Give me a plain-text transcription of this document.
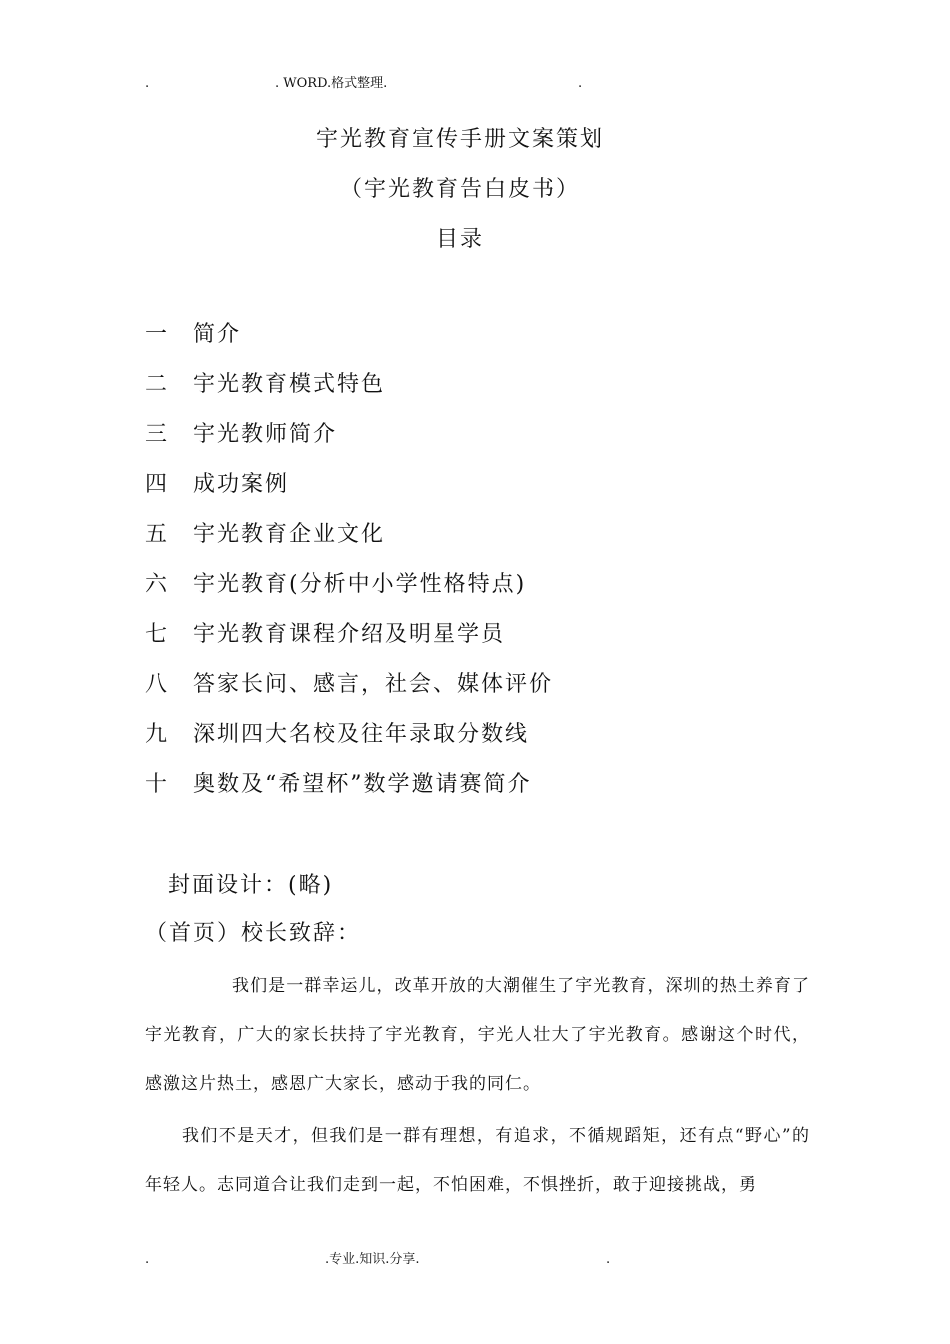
.	. WORD.格式整理.	.
宇光教育宣传手册文案策划
（宇光教育告白皮书）
目录
一 简介
二 宇光教育模式特色
三 宇光教师简介
四 成功案例
五 宇光教育企业文化
六 宇光教育(分析中小学性格特点)
七 宇光教育课程介绍及明星学员
八 答家长问、感言，社会、媒体评价
九 深圳四大名校及往年录取分数线
十 奥数及“希望杯”数学邀请赛简介
封面设计：(略)
（首页）校长致辞：

我们是一群幸运儿，改革开放的大潮催生了宇光教育，深圳的热土养育了宇光教育，广大的家长扶持了宇光教育，宇光人壮大了宇光教育。感谢这个时代，感激这片热土，感恩广大家长，感动于我的同仁。

我们不是天才，但我们是一群有理想，有追求，不循规蹈矩，还有点“野心”的年轻人。志同道合让我们走到一起，不怕困难，不惧挫折，敢于迎接挑战，勇

.	.专业.知识.分享.	.
